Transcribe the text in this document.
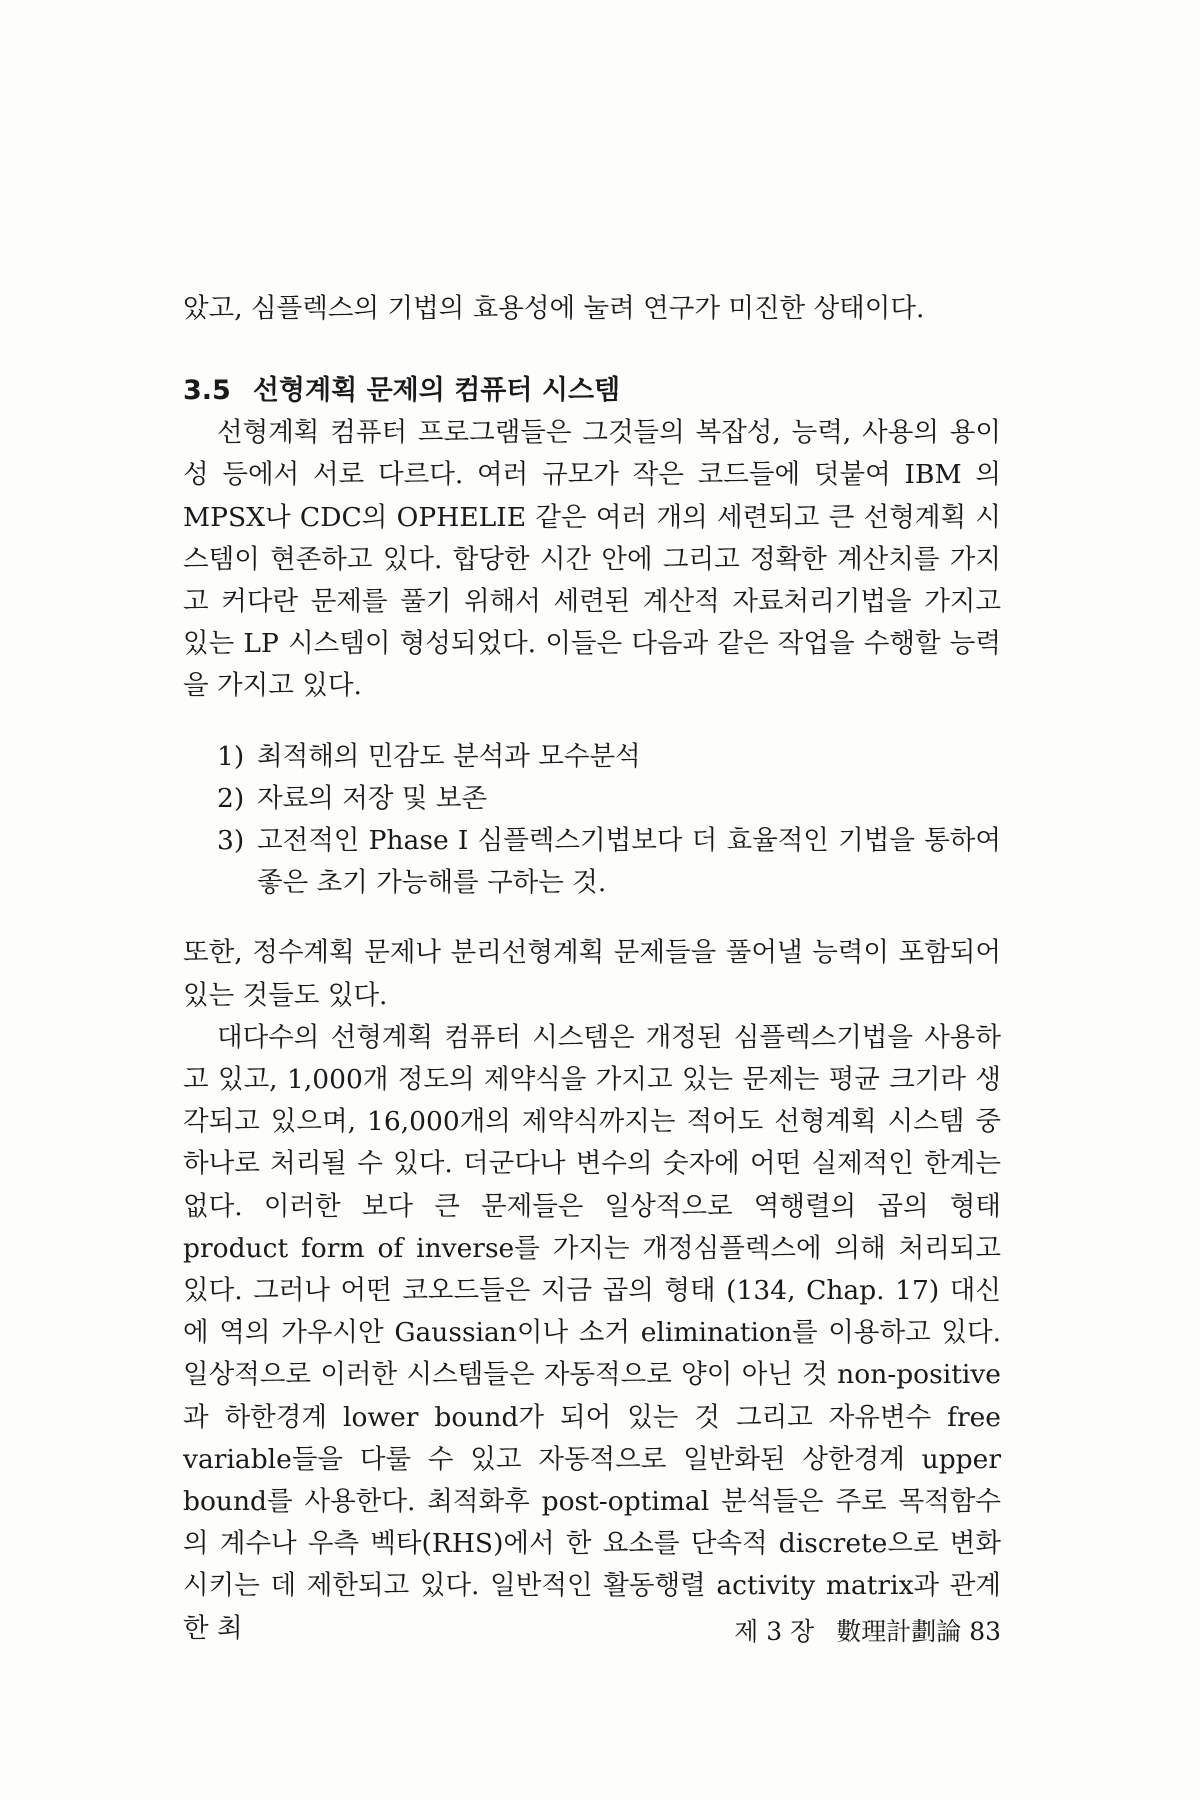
았고, 심플렉스의 기법의 효용성에 눌려 연구가 미진한 상태이다.

3.5 선형계획 문제의 컴퓨터 시스템

선형계획 컴퓨터 프로그램들은 그것들의 복잡성, 능력, 사용의 용이성 등에서 서로 다르다. 여러 규모가 작은 코드들에 덧붙여 IBM 의 MPSX나 CDC의 OPHELIE 같은 여러 개의 세련되고 큰 선형계획 시스템이 현존하고 있다. 합당한 시간 안에 그리고 정확한 계산치를 가지고 커다란 문제를 풀기 위해서 세련된 계산적 자료처리기법을 가지고 있는 LP 시스템이 형성되었다. 이들은 다음과 같은 작업을 수행할 능력을 가지고 있다.

1) 최적해의 민감도 분석과 모수분석
2) 자료의 저장 및 보존
3) 고전적인 Phase I 심플렉스기법보다 더 효율적인 기법을 통하여 좋은 초기 가능해를 구하는 것.

또한, 정수계획 문제나 분리선형계획 문제들을 풀어낼 능력이 포함되어 있는 것들도 있다.

대다수의 선형계획 컴퓨터 시스템은 개정된 심플렉스기법을 사용하고 있고, 1,000개 정도의 제약식을 가지고 있는 문제는 평균 크기라 생각되고 있으며, 16,000개의 제약식까지는 적어도 선형계획 시스템 중 하나로 처리될 수 있다. 더군다나 변수의 숫자에 어떤 실제적인 한계는 없다. 이러한 보다 큰 문제들은 일상적으로 역행렬의 곱의 형태 product form of inverse를 가지는 개정심플렉스에 의해 처리되고 있다. 그러나 어떤 코오드들은 지금 곱의 형태 (134, Chap. 17) 대신에 역의 가우시안 Gaussian이나 소거 elimination를 이용하고 있다. 일상적으로 이러한 시스템들은 자동적으로 양이 아닌 것 non-positive과 하한경계 lower bound가 되어 있는 것 그리고 자유변수 free variable들을 다룰 수 있고 자동적으로 일반화된 상한경계 upper bound를 사용한다. 최적화후 post-optimal 분석들은 주로 목적함수의 계수나 우측 벡타(RHS)에서 한 요소를 단속적 discrete으로 변화시키는 데 제한되고 있다. 일반적인 활동행렬 activity matrix과 관계한 최	제 3 장 數理計劃論 83
